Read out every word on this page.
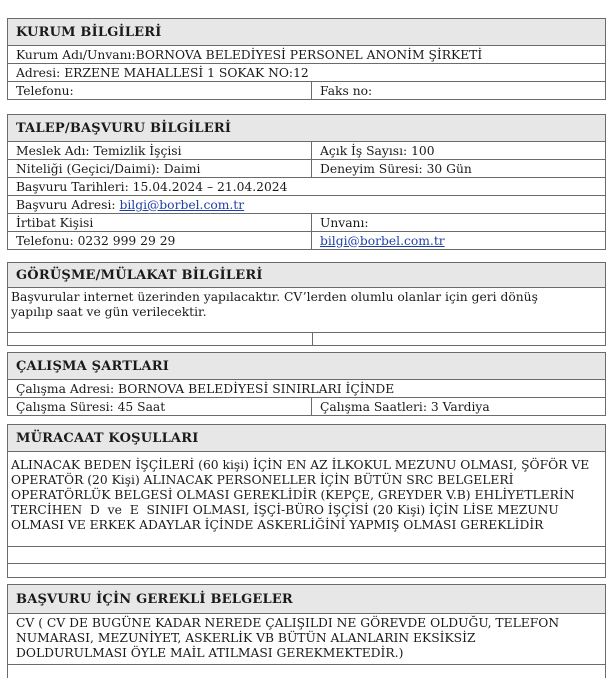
KURUM BİLGİLERİ
Kurum Adı/Unvanı:BORNOVA BELEDİYESİ PERSONEL ANONİM ŞİRKETİ
Adresi: ERZENE MAHALLESİ 1 SOKAK NO:12
Telefonu:	Faks no:
TALEP/BAŞVURU BİLGİLERİ
Meslek Adı: Temizlik İşçisi	Açık İş Sayısı: 100
Niteliği (Geçici/Daimi): Daimi	Deneyim Süresi: 30 Gün
Başvuru Tarihleri: 15.04.2024 – 21.04.2024
Başvuru Adresi: bilgi@borbel.com.tr
İrtibat Kişisi	Unvanı:
Telefonu: 0232 999 29 29	bilgi@borbel.com.tr
GÖRÜŞME/MÜLAKAT BİLGİLERİ
Başvurular internet üzerinden yapılacaktır. CV’lerden olumlu olanlar için geri dönüş
yapılıp saat ve gün verilecektir.
ÇALIŞMA ŞARTLARI
Çalışma Adresi: BORNOVA BELEDİYESİ SINIRLARI İÇİNDE
Çalışma Süresi: 45 Saat	Çalışma Saatleri: 3 Vardiya
MÜRACAAT KOŞULLARI
ALINACAK BEDEN İŞÇİLERİ (60 kişi) İÇİN EN AZ İLKOKUL MEZUNU OLMASI, ŞÖFÖR VE
OPERATÖR (20 Kişi) ALINACAK PERSONELLER İÇİN BÜTÜN SRC BELGELERİ
OPERATÖRLÜK BELGESİ OLMASI GEREKLİDİR (KEPÇE, GREYDER V.B) EHLİYETLERİN
TERCİHEN  D  ve  E  SINIFI OLMASI, İŞÇİ-BÜRO İŞÇİSİ (20 Kişi) İÇİN LİSE MEZUNU
OLMASI VE ERKEK ADAYLAR İÇİNDE ASKERLİĞİNİ YAPMIŞ OLMASI GEREKLİDİR
BAŞVURU İÇİN GEREKLİ BELGELER
CV ( CV DE BUGÜNE KADAR NEREDE ÇALIŞILDI NE GÖREVDE OLDUĞU, TELEFON
NUMARASI, MEZUNİYET, ASKERLİK VB BÜTÜN ALANLARIN EKSİKSİZ
DOLDURULMASI ÖYLE MAİL ATILMASI GEREKMEKTEDİR.)
